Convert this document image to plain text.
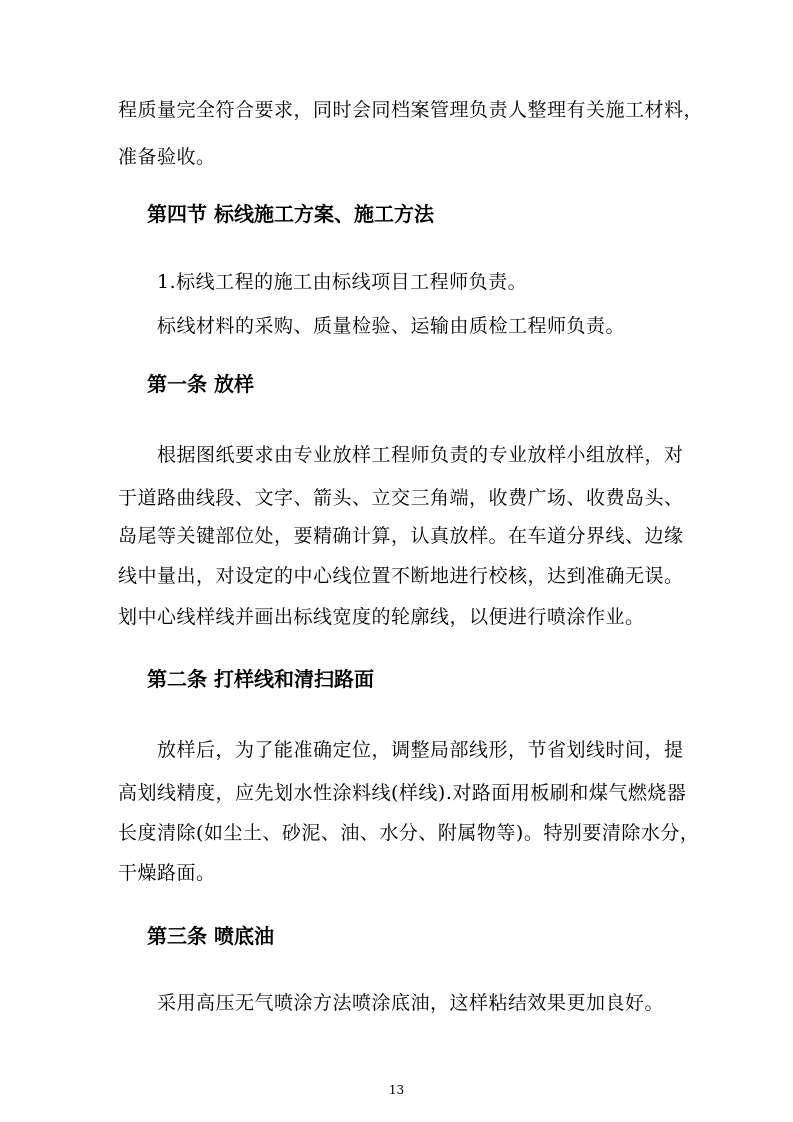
程质量完全符合要求，同时会同档案管理负责人整理有关施工材料，
准备验收。
第四节 标线施工方案、施工方法
1.标线工程的施工由标线项目工程师负责。
标线材料的采购、质量检验、运输由质检工程师负责。
第一条 放样
根据图纸要求由专业放样工程师负责的专业放样小组放样，对
于道路曲线段、文字、箭头、立交三角端，收费广场、收费岛头、
岛尾等关键部位处，要精确计算，认真放样。在车道分界线、边缘
线中量出，对设定的中心线位置不断地进行校核，达到准确无误。
划中心线样线并画出标线宽度的轮廓线，以便进行喷涂作业。
第二条 打样线和清扫路面
放样后，为了能准确定位，调整局部线形，节省划线时间，提
高划线精度，应先划水性涂料线(样线).对路面用板刷和煤气燃烧器
长度清除(如尘土、砂泥、油、水分、附属物等)。特别要清除水分，
干燥路面。
第三条 喷底油
采用高压无气喷涂方法喷涂底油，这样粘结效果更加良好。
13
